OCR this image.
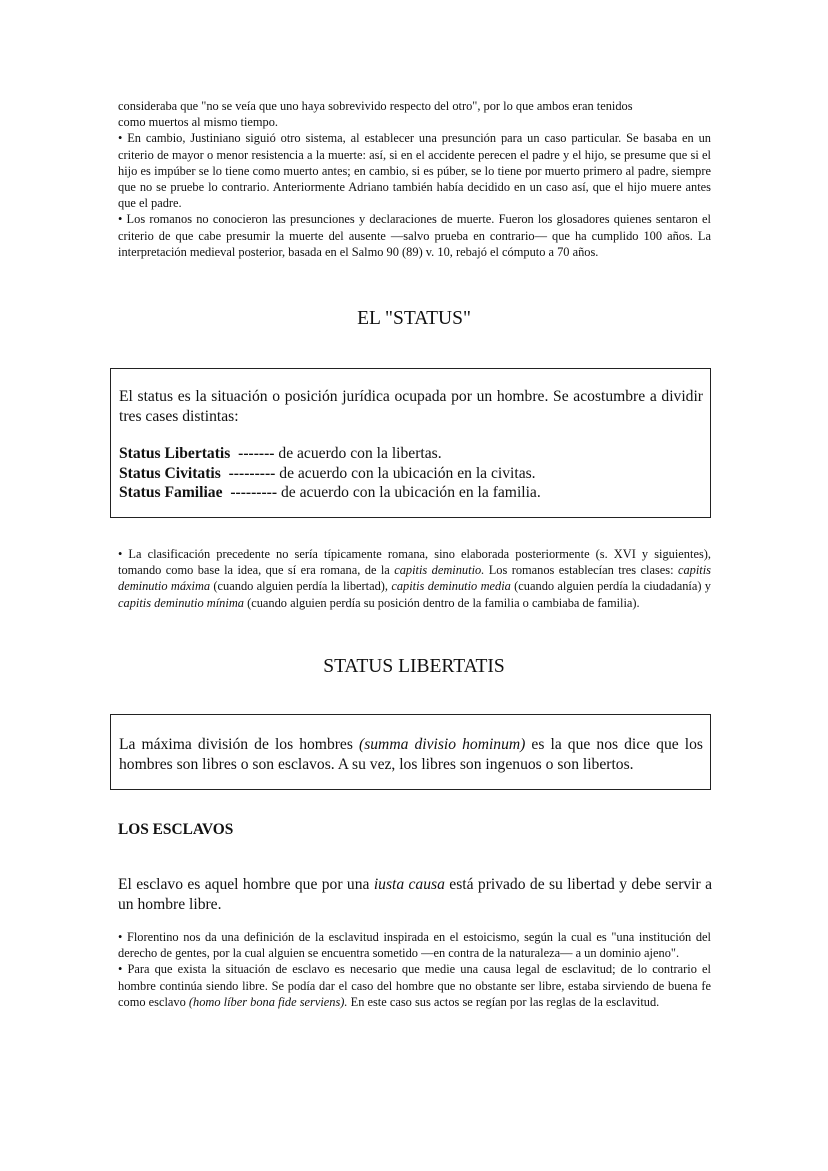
consideraba que "no se veía que uno haya sobrevivido respecto del otro", por lo que ambos eran tenidos

como muertos al mismo tiempo.

• En cambio, Justiniano siguió otro sistema, al establecer una presunción para un caso particular. Se basaba en un criterio de mayor o menor resistencia a la muerte: así, si en el accidente perecen el padre y el hijo, se presume que si el hijo es impúber se lo tiene como muerto antes; en cambio, si es púber, se lo tiene por muerto primero al padre, siempre que no se pruebe lo contrario. Anteriormente Adriano también había decidido en un caso así, que el hijo muere antes que el padre.

• Los romanos no conocieron las presunciones y declaraciones de muerte. Fueron los glosadores quienes sentaron el criterio de que cabe presumir la muerte del ausente —salvo prueba en contrario— que ha cumplido 100 años. La interpretación medieval posterior, basada en el Salmo 90 (89) v. 10, rebajó el cómputo a 70 años.

EL "STATUS"

El status es la situación o posición jurídica ocupada por un hombre. Se acostumbre a dividir tres cases distintas:

Status Libertatis ------- de acuerdo con la libertas.

Status Civitatis --------- de acuerdo con la ubicación en la civitas.

Status Familiae --------- de acuerdo con la ubicación en la familia.

• La clasificación precedente no sería típicamente romana, sino elaborada posteriormente (s. XVI y siguientes), tomando como base la idea, que sí era romana, de la capitis deminutio. Los romanos establecían tres clases: capitis deminutio máxima (cuando alguien perdía la libertad), capitis deminutio media (cuando alguien perdía la ciudadanía) y capitis deminutio mínima (cuando alguien perdía su posición dentro de la familia o cambiaba de familia).

STATUS LIBERTATIS

La máxima división de los hombres (summa divisio hominum) es la que nos dice que los hombres son libres o son esclavos. A su vez, los libres son ingenuos o son libertos.

LOS ESCLAVOS

El esclavo es aquel hombre que por una iusta causa está privado de su libertad y debe servir a un hombre libre.

• Florentino nos da una definición de la esclavitud inspirada en el estoicismo, según la cual es "una institución del derecho de gentes, por la cual alguien se encuentra sometido —en contra de la naturaleza— a un dominio ajeno".

• Para que exista la situación de esclavo es necesario que medie una causa legal de esclavitud; de lo contrario el hombre continúa siendo libre. Se podía dar el caso del hombre que no obstante ser libre, estaba sirviendo de buena fe como esclavo (homo líber bona fide serviens). En este caso sus actos se regían por las reglas de la esclavitud.
